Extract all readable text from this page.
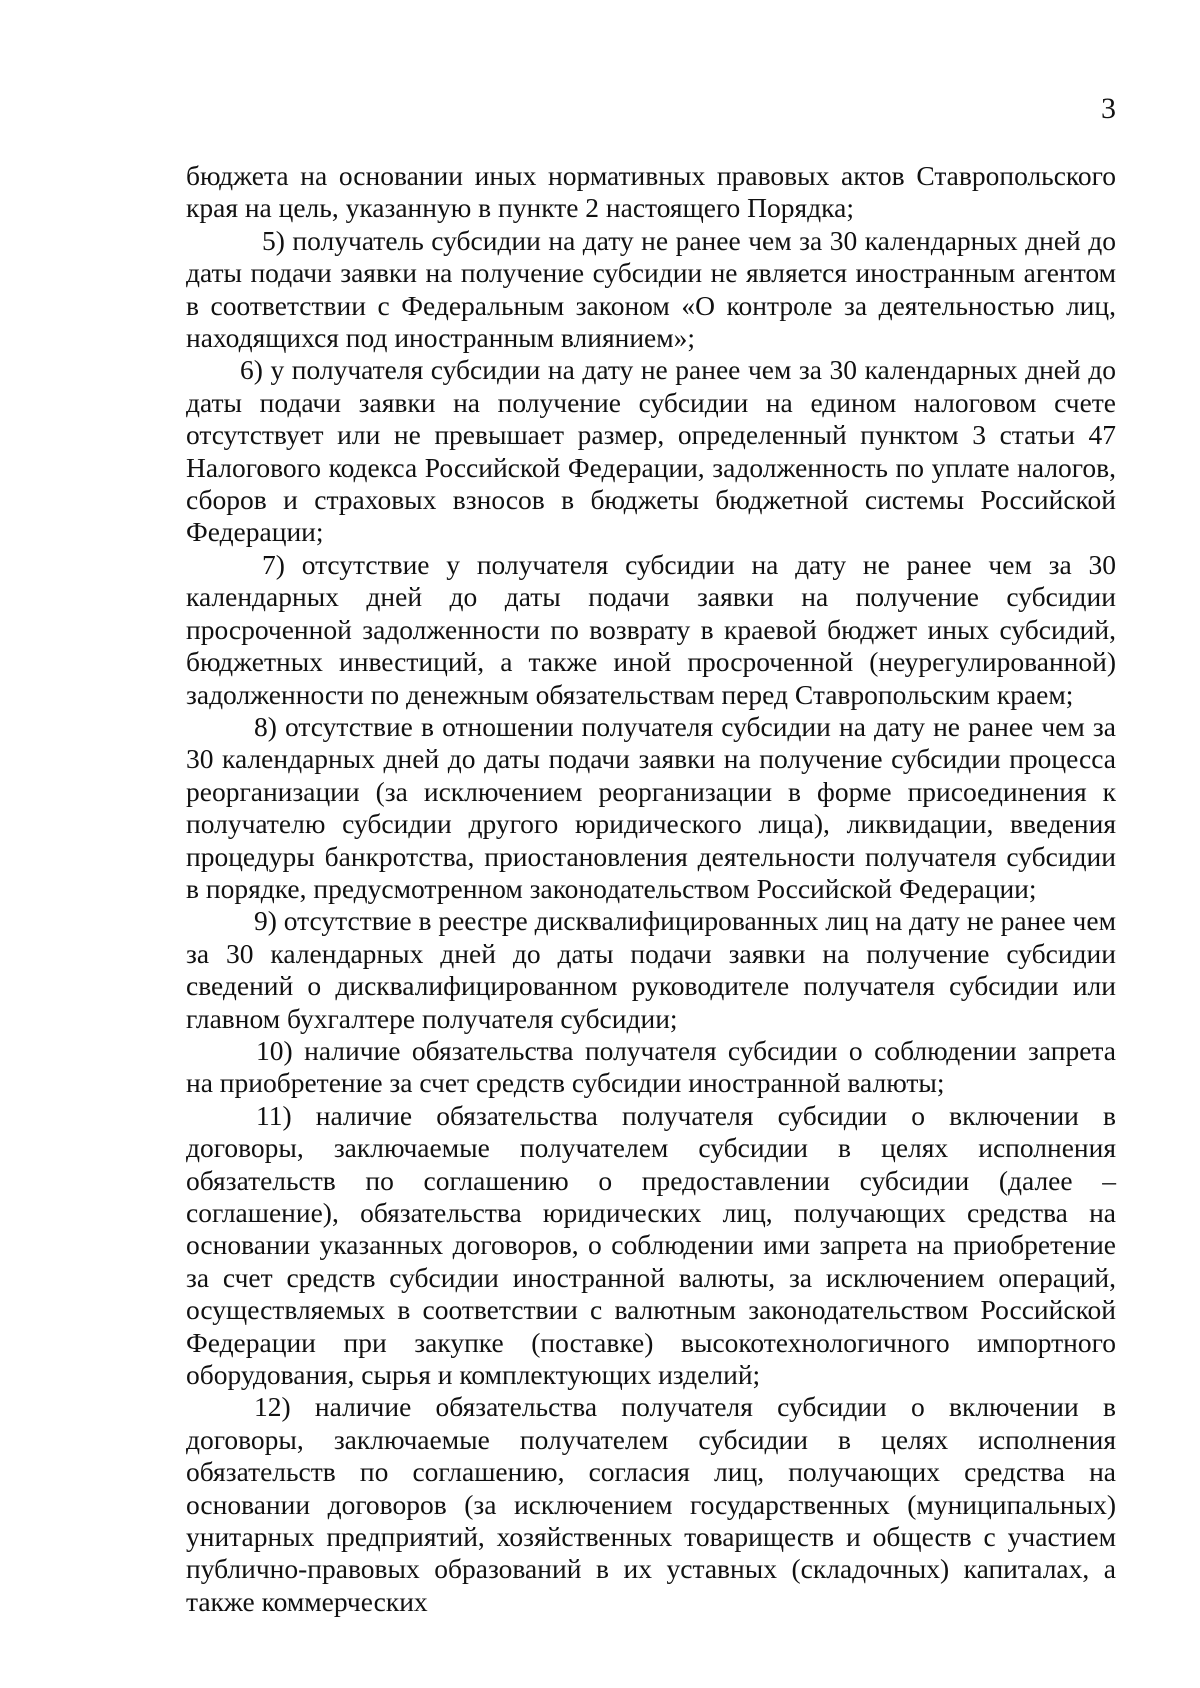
3

бюджета на основании иных нормативных правовых актов Ставропольского края на цель, указанную в пункте 2 настоящего Порядка;

5) получатель субсидии на дату не ранее чем за 30 календарных дней до даты подачи заявки на получение субсидии не является иностранным агентом в соответствии с Федеральным законом «О контроле за деятельностью лиц, находящихся под иностранным влиянием»;

6) у получателя субсидии на дату не ранее чем за 30 календарных дней до даты подачи заявки на получение субсидии на едином налоговом счете отсутствует или не превышает размер, определенный пунктом 3 статьи 47 Налогового кодекса Российской Федерации, задолженность по уплате налогов, сборов и страховых взносов в бюджеты бюджетной системы Российской Федерации;

7) отсутствие у получателя субсидии на дату не ранее чем за 30 календарных дней до даты подачи заявки на получение субсидии просроченной задолженности по возврату в краевой бюджет иных субсидий, бюджетных инвестиций, а также иной просроченной (неурегулированной) задолженности по денежным обязательствам перед Ставропольским краем;

8) отсутствие в отношении получателя субсидии на дату не ранее чем за 30 календарных дней до даты подачи заявки на получение субсидии процесса реорганизации (за исключением реорганизации в форме присоединения к получателю субсидии другого юридического лица), ликвидации, введения процедуры банкротства, приостановления деятельности получателя субсидии в порядке, предусмотренном законодательством Российской Федерации;

9) отсутствие в реестре дисквалифицированных лиц на дату не ранее чем за 30 календарных дней до даты подачи заявки на получение субсидии сведений о дисквалифицированном руководителе получателя субсидии или главном бухгалтере получателя субсидии;

10) наличие обязательства получателя субсидии о соблюдении запрета на приобретение за счет средств субсидии иностранной валюты;

11) наличие обязательства получателя субсидии о включении в договоры, заключаемые получателем субсидии в целях исполнения обязательств по соглашению о предоставлении субсидии (далее – соглашение), обязательства юридических лиц, получающих средства на основании указанных договоров, о соблюдении ими запрета на приобретение за счет средств субсидии иностранной валюты, за исключением операций, осуществляемых в соответствии с валютным законодательством Российской Федерации при закупке (поставке) высокотехнологичного импортного оборудования, сырья и комплектующих изделий;

12) наличие обязательства получателя субсидии о включении в договоры, заключаемые получателем субсидии в целях исполнения обязательств по соглашению, согласия лиц, получающих средства на основании договоров (за исключением государственных (муниципальных) унитарных предприятий, хозяйственных товариществ и обществ с участием публично-правовых образований в их уставных (складочных) капиталах, а также коммерческих
